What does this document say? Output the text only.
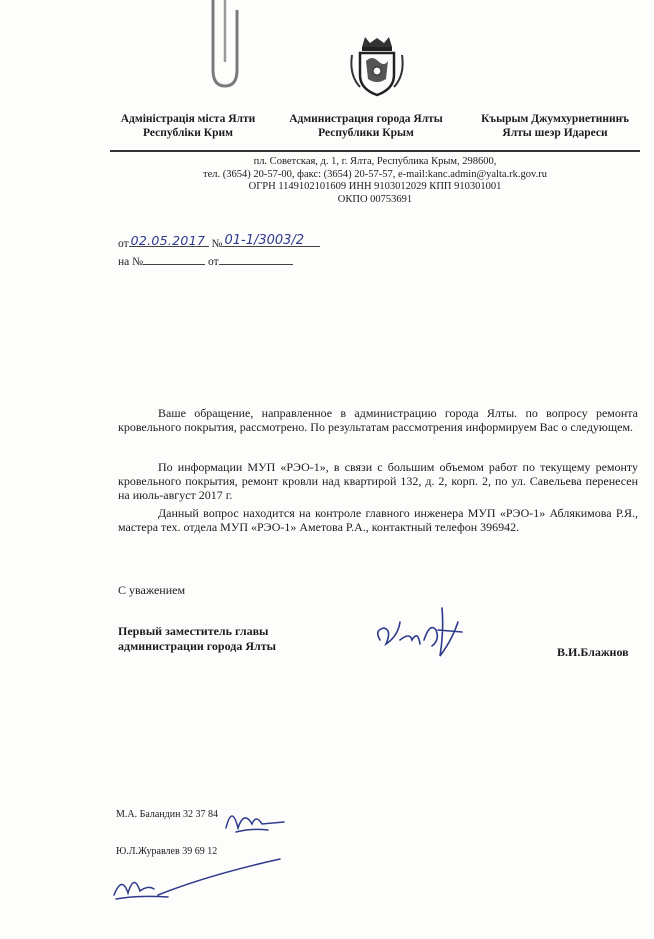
Адміністрація міста Ялти
Республіки Крим
Администрация города Ялты
Республики Крым
Къырым Джумхуриетининъ
Ялты шеэр Идареси
пл. Советская, д. 1, г. Ялта, Республика Крым, 298600,
тел. (3654) 20-57-00, факс: (3654) 20-57-57, e-mail:kanc.admin@yalta.rk.gov.ru
ОГРН 1149102101609 ИНН 9103012029 КПП 910301001
ОКПО 00753691
от 02.05.2017 № 01-1/3003/2
на №	от
Ваше обращение, направленное в администрацию города Ялты. по вопросу ремонта кровельного покрытия, рассмотрено. По результатам рассмотрения информируем Вас о следующем.
По информации МУП «РЭО-1», в связи с большим объемом работ по текущему ремонту кровельного покрытия, ремонт кровли над квартирой 132, д. 2, корп. 2, по ул. Савельева перенесен на июль-август 2017 г.
Данный вопрос находится на контроле главного инженера МУП «РЭО-1» Аблякимова Р.Я., мастера тех. отдела МУП «РЭО-1» Аметова Р.А., контактный телефон 396942.
С уважением
Первый заместитель главы
администрации города Ялты	В.И.Блажнов
М.А. Баландин 32 37 84
Ю.Л.Журавлев 39 69 12
